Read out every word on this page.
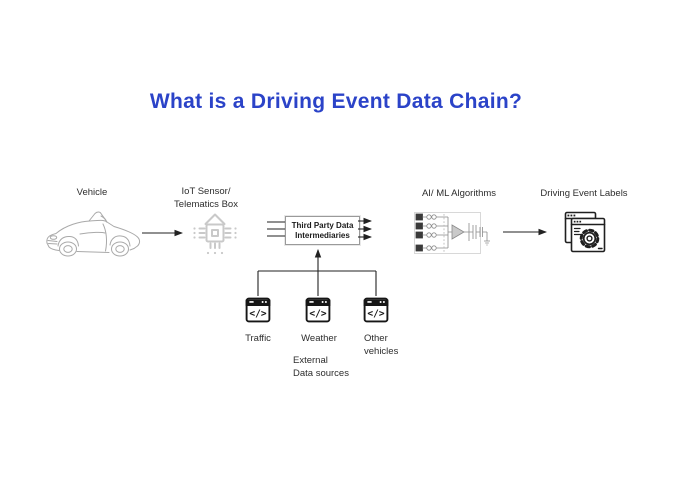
What is a Driving Event Data Chain?
Vehicle	IoT Sensor/
Telematics Box
AI/ ML Algorithms	Driving Event Labels
Third Party Data
Intermediaries
</>	</>	</>
Traffic	Weather	Other
vehicles
External
Data sources
